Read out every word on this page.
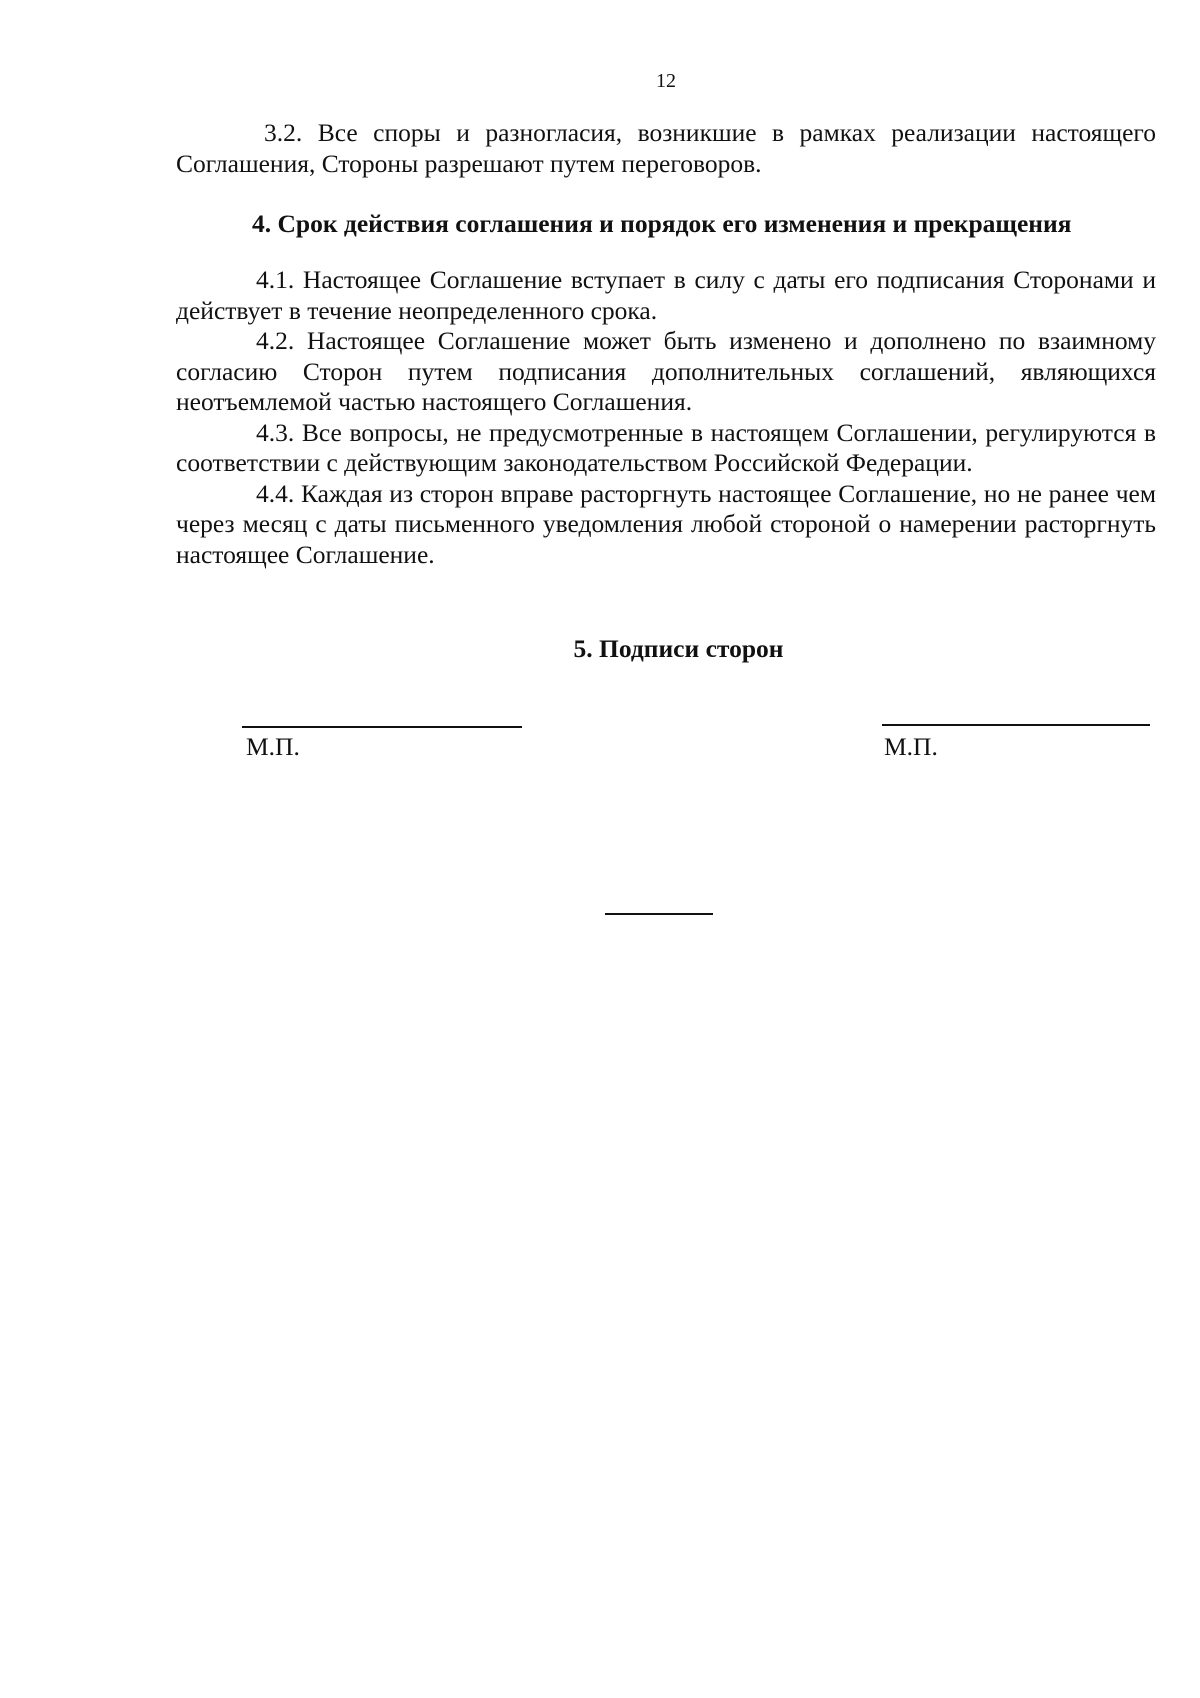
12

3.2. Все споры и разногласия, возникшие в рамках реализации настоящего Соглашения, Стороны разрешают путем переговоров.

4. Срок действия соглашения и порядок его изменения и прекращения

4.1. Настоящее Соглашение вступает в силу с даты его подписания Сторонами и действует в течение неопределенного срока.

4.2. Настоящее Соглашение может быть изменено и дополнено по взаимному согласию Сторон путем подписания дополнительных соглашений, являющихся неотъемлемой частью настоящего Соглашения.

4.3. Все вопросы, не предусмотренные в настоящем Соглашении, регулируются в соответствии с действующим законодательством Российской Федерации.

4.4. Каждая из сторон вправе расторгнуть настоящее Соглашение, но не ранее чем через месяц с даты письменного уведомления любой стороной о намерении расторгнуть настоящее Соглашение.

5. Подписи сторон

М.П.	М.П.
